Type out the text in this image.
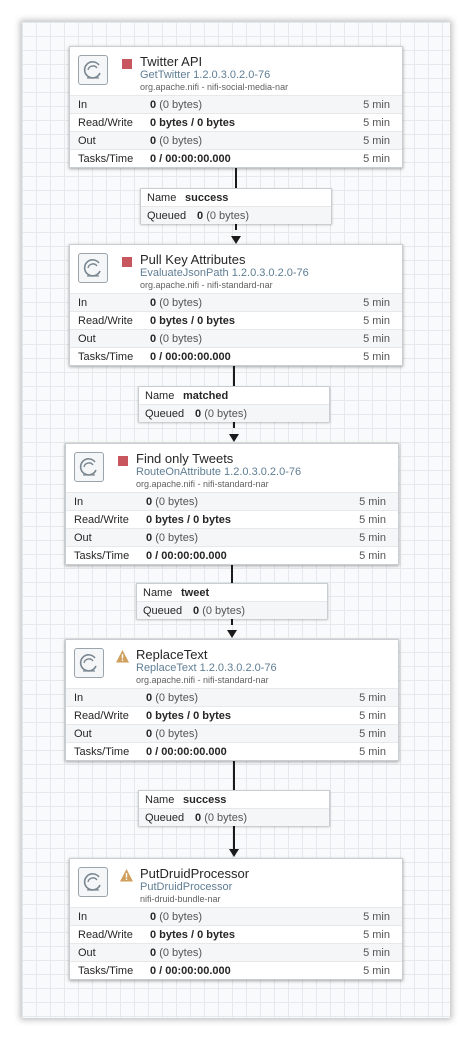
Twitter API
GetTwitter 1.2.0.3.0.2.0-76
org.apache.nifi - nifi-social-media-nar
In	0 (0 bytes)	5 min
Read/Write 0 bytes / 0 bytes	5 min
Out	0 (0 bytes)	5 min
Tasks/Time 0 / 00:00:00.000	5 min
Name success
Queued 0 (0 bytes)
Pull Key Attributes
EvaluateJsonPath 1.2.0.3.0.2.0-76
org.apache.nifi - nifi-standard-nar
In	0 (0 bytes)	5 min
Read/Write 0 bytes / 0 bytes	5 min
Out	0 (0 bytes)	5 min
Tasks/Time 0 / 00:00:00.000	5 min
Name matched
Queued 0 (0 bytes)
Find only Tweets
RouteOnAttribute 1.2.0.3.0.2.0-76
org.apache.nifi - nifi-standard-nar
In	0 (0 bytes)	5 min
Read/Write 0 bytes / 0 bytes	5 min
Out	0 (0 bytes)	5 min
Tasks/Time 0 / 00:00:00.000	5 min
Name tweet
Queued 0 (0 bytes)
ReplaceText
ReplaceText 1.2.0.3.0.2.0-76
org.apache.nifi - nifi-standard-nar
In	0 (0 bytes)	5 min
Read/Write 0 bytes / 0 bytes	5 min
Out	0 (0 bytes)	5 min
Tasks/Time 0 / 00:00:00.000	5 min
Name success
Queued 0 (0 bytes)
PutDruidProcessor
PutDruidProcessor
nifi-druid-bundle-nar
In	0 (0 bytes)	5 min
Read/Write 0 bytes / 0 bytes	5 min
Out	0 (0 bytes)	5 min
Tasks/Time 0 / 00:00:00.000	5 min
